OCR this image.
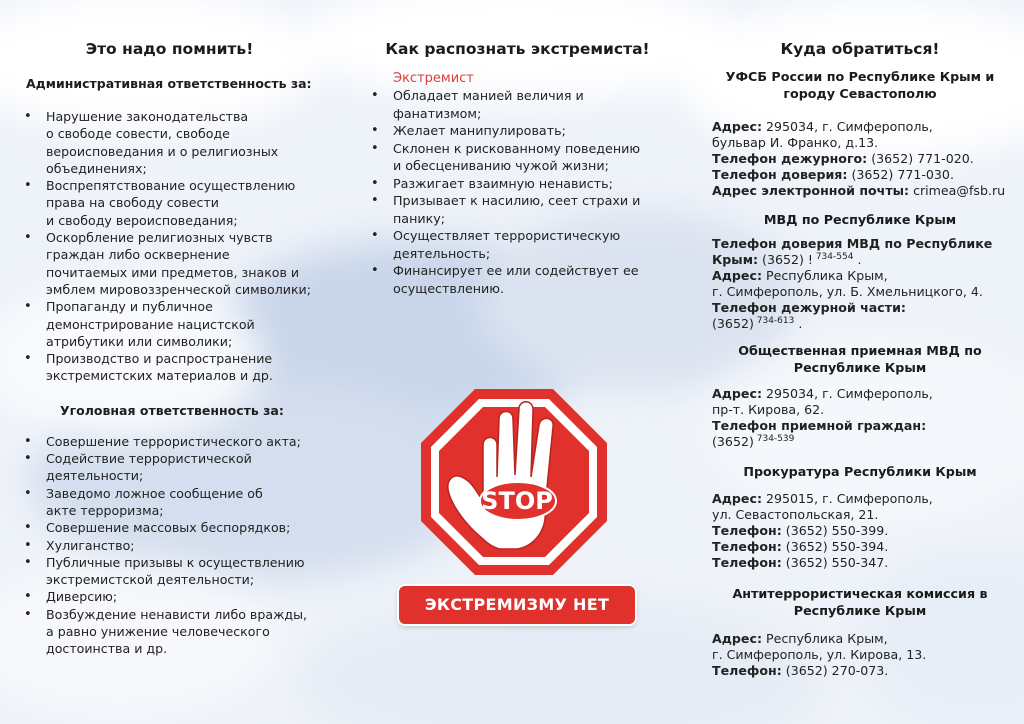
Это надо помнить!
Административная ответственность за:
• Нарушение законодательства
о свободе совести, свободе
вероисповедания и о религиозных
объединениях;
• Воспрепятствование осуществлению
права на свободу совести
и свободу вероисповедания;
• Оскорбление религиозных чувств
граждан либо осквернение
почитаемых ими предметов, знаков и
эмблем мировоззренческой символики;
• Пропаганду и публичное
демонстрирование нацистской
атрибутики или символики;
• Производство и распространение
экстремистских материалов и др.
Уголовная ответственность за:
• Совершение террористического акта;
• Содействие террористической
деятельности;
• Заведомо ложное сообщение об
акте терроризма;
• Совершение массовых беспорядков;
• Хулиганство;
• Публичные призывы к осуществлению
экстремистской деятельности;
• Диверсию;
• Возбуждение ненависти либо вражды,
а равно унижение человеческого
достоинства и др.
Как распознать экстремиста!
Экстремист
• Обладает манией величия и
фанатизмом;
• Желает манипулировать;
• Склонен к рискованному поведению
и обесцениванию чужой жизни;
• Разжигает взаимную ненависть;
• Призывает к насилию, сеет страхи и
панику;
• Осуществляет террористическую
деятельность;
• Финансирует ее или содействует ее
осуществлению.
STOP
ЭКСТРЕМИЗМУ НЕТ
Куда обратиться!
УФСБ России по Республике Крым и
городу Севастополю
Адрес: 295034, г. Симферополь,
бульвар И. Франко, д.13.
Телефон дежурного: (3652) 771-020.
Телефон доверия: (3652) 771-030.
Адрес электронной почты: crimea@fsb.ru
МВД по Республике Крым
Телефон доверия МВД по Республике
Крым: (3652) ! $^{734-554}$ .
Адрес: Республика Крым,
г. Симферополь, ул. Б. Хмельницкого, 4.
Телефон дежурной части:
(3652) $^{734-613}$ .
Общественная приемная МВД по
Республике Крым
Адрес: 295034, г. Симферополь,
пр-т. Кирова, 62.
Телефон приемной граждан:
(3652) $^{734-539}$
Прокуратура Республики Крым
Адрес: 295015, г. Симферополь,
ул. Севастопольская, 21.
Телефон: (3652) 550-399.
Телефон: (3652) 550-394.
Телефон: (3652) 550-347.
Антитеррористическая комиссия в
Республике Крым
Адрес: Республика Крым,
г. Симферополь, ул. Кирова, 13.
Телефон: (3652) 270-073.
